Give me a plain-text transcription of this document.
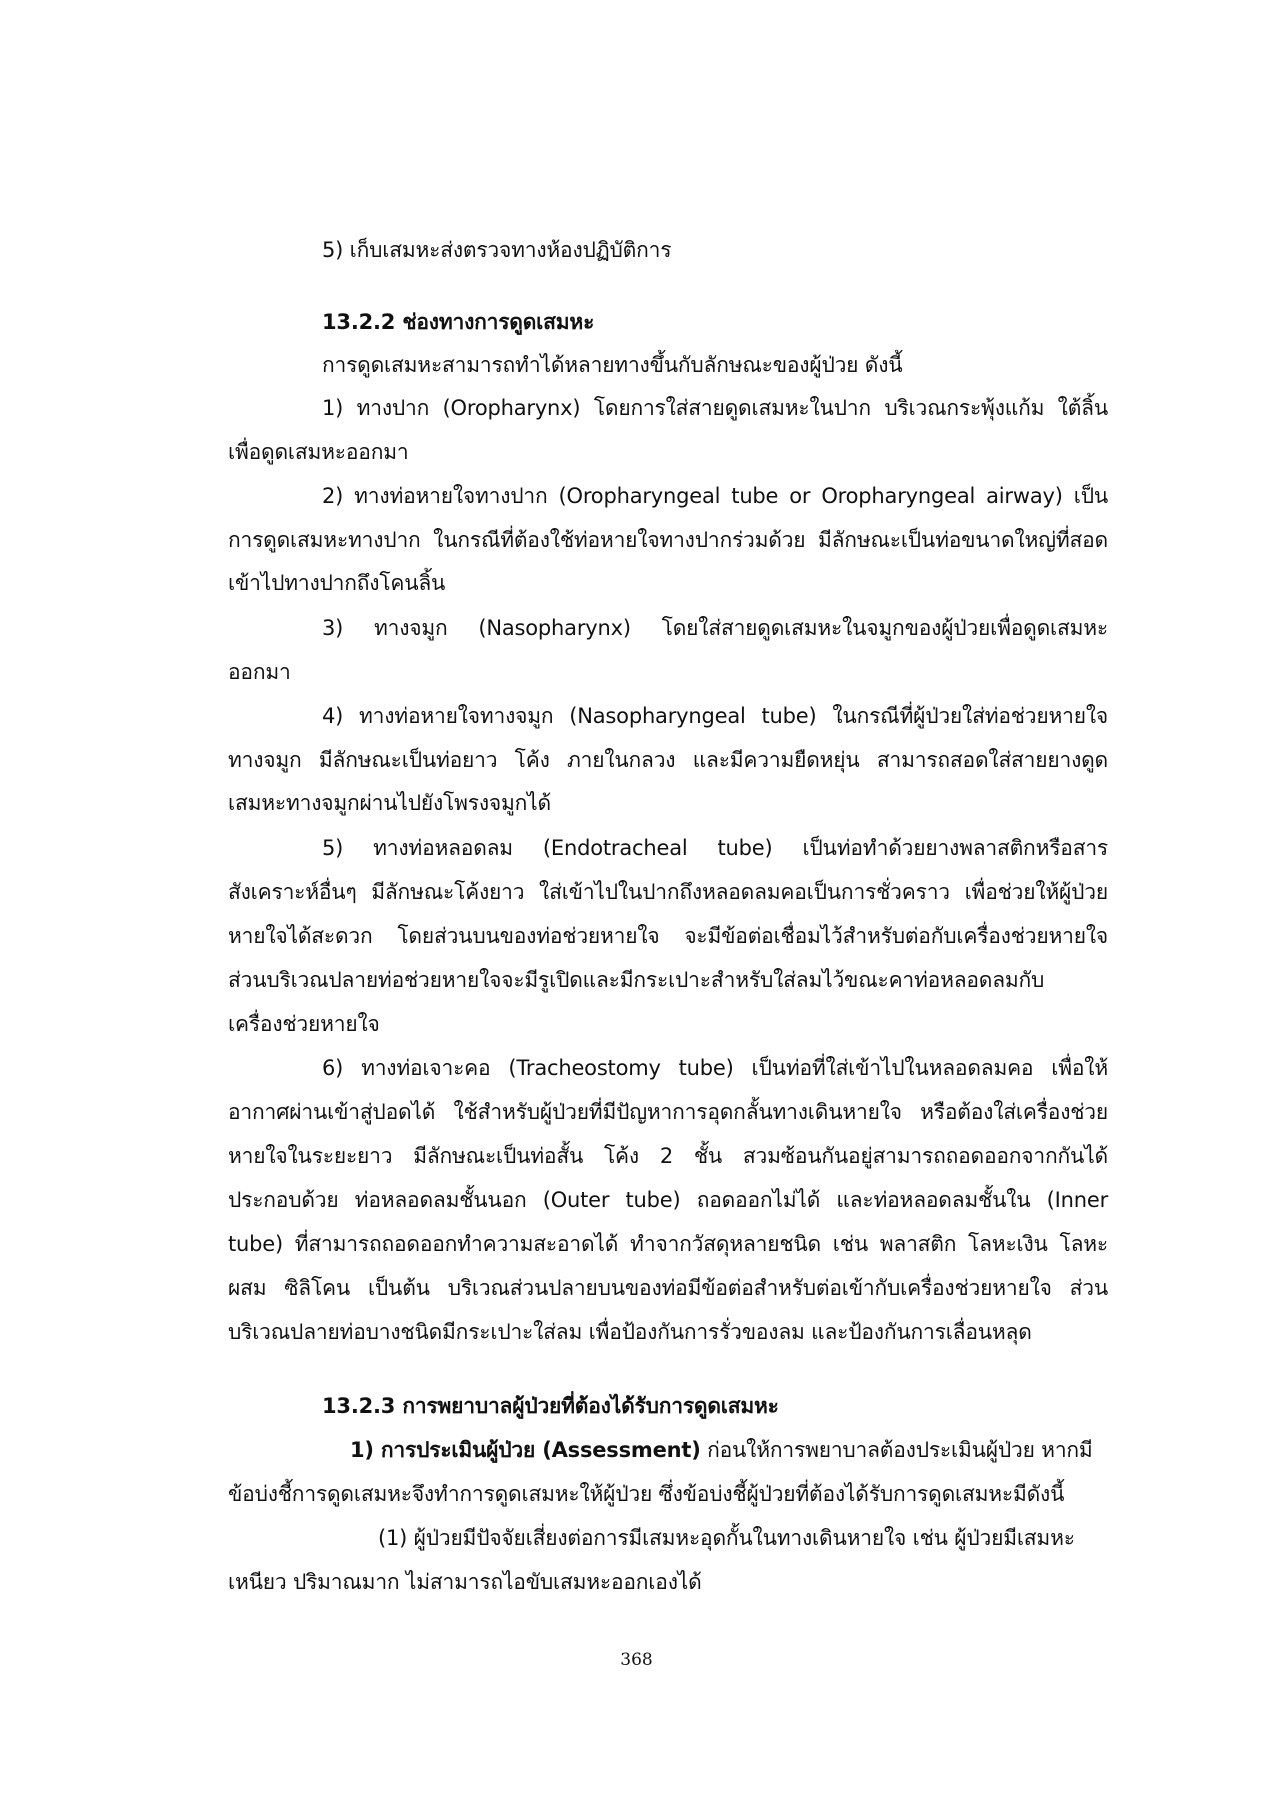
5) เก็บเสมหะส่งตรวจทางห้องปฏิบัติการ
13.2.2 ช่องทางการดูดเสมหะ
การดูดเสมหะสามารถทำได้หลายทางขึ้นกับลักษณะของผู้ป่วย ดังนี้
1) ทางปาก (Oropharynx) โดยการใส่สายดูดเสมหะในปาก บริเวณกระพุ้งแก้ม ใต้ลิ้น
เพื่อดูดเสมหะออกมา
2) ทางท่อหายใจทางปาก (Oropharyngeal tube or Oropharyngeal airway) เป็น
การดูดเสมหะทางปาก ในกรณีที่ต้องใช้ท่อหายใจทางปากร่วมด้วย มีลักษณะเป็นท่อขนาดใหญ่ที่สอด
เข้าไปทางปากถึงโคนลิ้น
3) ทางจมูก (Nasopharynx) โดยใส่สายดูดเสมหะในจมูกของผู้ป่วยเพื่อดูดเสมหะ
ออกมา
4) ทางท่อหายใจทางจมูก (Nasopharyngeal tube) ในกรณีที่ผู้ป่วยใส่ท่อช่วยหายใจ
ทางจมูก มีลักษณะเป็นท่อยาว โค้ง ภายในกลวง และมีความยืดหยุ่น สามารถสอดใส่สายยางดูด
เสมหะทางจมูกผ่านไปยังโพรงจมูกได้
5) ทางท่อหลอดลม (Endotracheal tube) เป็นท่อทำด้วยยางพลาสติกหรือสาร
สังเคราะห์อื่นๆ มีลักษณะโค้งยาว ใส่เข้าไปในปากถึงหลอดลมคอเป็นการชั่วคราว เพื่อช่วยให้ผู้ป่วย
หายใจได้สะดวก โดยส่วนบนของท่อช่วยหายใจ จะมีข้อต่อเชื่อมไว้สำหรับต่อกับเครื่องช่วยหายใจ
ส่วนบริเวณปลายท่อช่วยหายใจจะมีรูเปิดและมีกระเปาะสำหรับใส่ลมไว้ขณะคาท่อหลอดลมกับ
เครื่องช่วยหายใจ
6) ทางท่อเจาะคอ (Tracheostomy tube) เป็นท่อที่ใส่เข้าไปในหลอดลมคอ เพื่อให้
อากาศผ่านเข้าสู่ปอดได้ ใช้สำหรับผู้ป่วยที่มีปัญหาการอุดกลั้นทางเดินหายใจ หรือต้องใส่เครื่องช่วย
หายใจในระยะยาว มีลักษณะเป็นท่อสั้น โค้ง 2 ชั้น สวมซ้อนกันอยู่สามารถถอดออกจากกันได้
ประกอบด้วย ท่อหลอดลมชั้นนอก (Outer tube) ถอดออกไม่ได้ และท่อหลอดลมชั้นใน (Inner
tube) ที่สามารถถอดออกทำความสะอาดได้ ทำจากวัสดุหลายชนิด เช่น พลาสติก โลหะเงิน โลหะ
ผสม ซิลิโคน เป็นต้น บริเวณส่วนปลายบนของท่อมีข้อต่อสำหรับต่อเข้ากับเครื่องช่วยหายใจ ส่วน
บริเวณปลายท่อบางชนิดมีกระเปาะใส่ลม เพื่อป้องกันการรั่วของลม และป้องกันการเลื่อนหลุด
13.2.3 การพยาบาลผู้ป่วยที่ต้องได้รับการดูดเสมหะ
1) การประเมินผู้ป่วย (Assessment) ก่อนให้การพยาบาลต้องประเมินผู้ป่วย หากมี
ข้อบ่งชี้การดูดเสมหะจึงทำการดูดเสมหะให้ผู้ป่วย ซึ่งข้อบ่งชี้ผู้ป่วยที่ต้องได้รับการดูดเสมหะมีดังนี้
(1) ผู้ป่วยมีปัจจัยเสี่ยงต่อการมีเสมหะอุดกั้นในทางเดินหายใจ เช่น ผู้ป่วยมีเสมหะ
เหนียว ปริมาณมาก ไม่สามารถไอขับเสมหะออกเองได้
368
